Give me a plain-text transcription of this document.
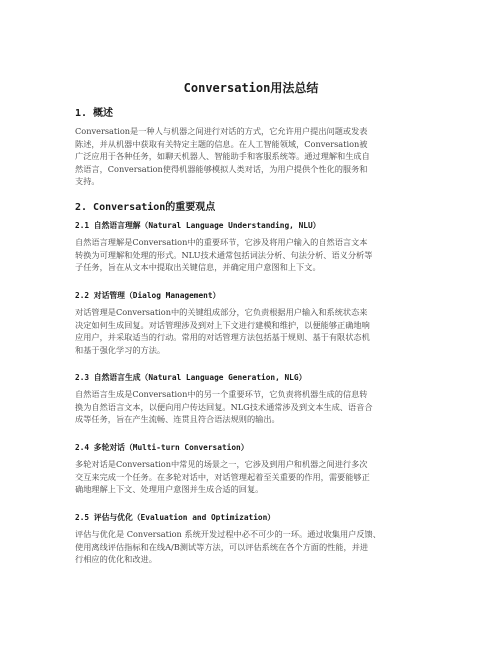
Conversation用法总结
1. 概述
Conversation是一种人与机器之间进行对话的方式，它允许用户提出问题或发表
陈述，并从机器中获取有关特定主题的信息。在人工智能领域，Conversation被
广泛应用于各种任务，如聊天机器人、智能助手和客服系统等。通过理解和生成自
然语言，Conversation使得机器能够模拟人类对话，为用户提供个性化的服务和
支持。
2. Conversation的重要观点
2.1 自然语言理解（Natural Language Understanding, NLU）
自然语言理解是Conversation中的重要环节，它涉及将用户输入的自然语言文本
转换为可理解和处理的形式。NLU技术通常包括词法分析、句法分析、语义分析等
子任务，旨在从文本中提取出关键信息，并确定用户意图和上下文。
2.2 对话管理（Dialog Management）
对话管理是Conversation中的关键组成部分，它负责根据用户输入和系统状态来
决定如何生成回复。对话管理涉及到对上下文进行建模和维护，以便能够正确地响
应用户，并采取适当的行动。常用的对话管理方法包括基于规则、基于有限状态机
和基于强化学习的方法。
2.3 自然语言生成（Natural Language Generation, NLG）
自然语言生成是Conversation中的另一个重要环节，它负责将机器生成的信息转
换为自然语言文本，以便向用户传达回复。NLG技术通常涉及到文本生成、语音合
成等任务，旨在产生流畅、连贯且符合语法规则的输出。
2.4 多轮对话（Multi-turn Conversation）
多轮对话是Conversation中常见的场景之一，它涉及到用户和机器之间进行多次
交互来完成一个任务。在多轮对话中，对话管理起着至关重要的作用，需要能够正
确地理解上下文、处理用户意图并生成合适的回复。
2.5 评估与优化（Evaluation and Optimization）
评估与优化是 Conversation 系统开发过程中必不可少的一环。通过收集用户反馈、
使用离线评估指标和在线A/B测试等方法，可以评估系统在各个方面的性能，并进
行相应的优化和改进。
